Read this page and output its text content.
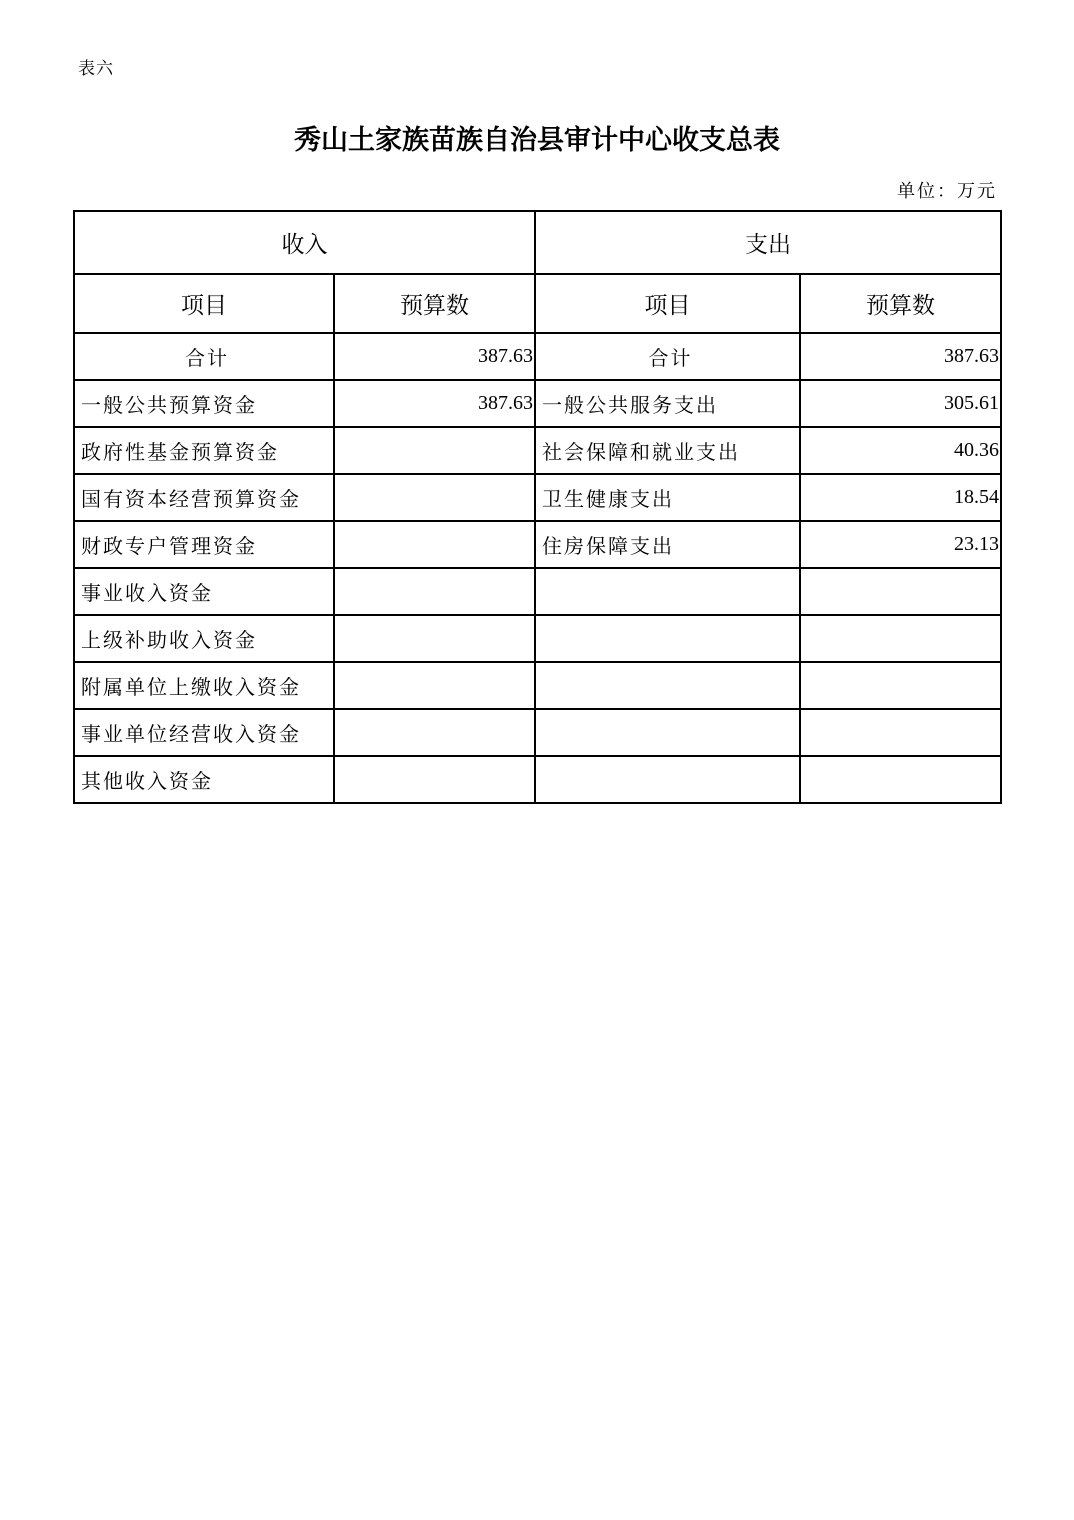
表六
秀山土家族苗族自治县审计中心收支总表
单位：万元
收入		支出	
项目	预算数	项目	预算数
合计	387.63	合计	387.63
一般公共预算资金	387.63	一般公共服务支出	305.61
政府性基金预算资金		社会保障和就业支出	40.36
国有资本经营预算资金		卫生健康支出	18.54
财政专户管理资金		住房保障支出	23.13
事业收入资金			
上级补助收入资金			
附属单位上缴收入资金			
事业单位经营收入资金			
其他收入资金			
